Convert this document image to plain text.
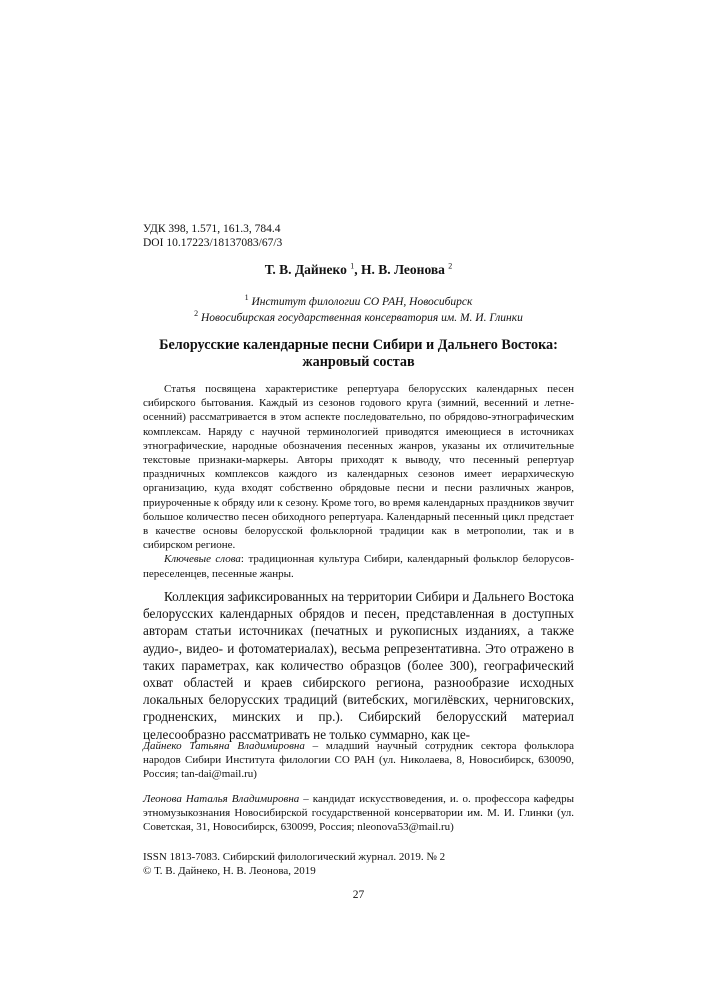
УДК 398, 1.571, 161.3, 784.4
DOI 10.17223/18137083/67/3
Т. В. Дайнеко $^1$, Н. В. Леонова $^2$
$^1$ Институт филологии СО РАН, Новосибирск
$^2$ Новосибирская государственная консерватория им. М. И. Глинки
Белорусские календарные песни Сибири и Дальнего Востока:
жанровый состав

Статья посвящена характеристике репертуара белорусских календарных песен сибирского бытования. Каждый из сезонов годового круга (зимний, весенний и летне-осенний) рассматривается в этом аспекте последовательно, по обрядово-этнографическим комплексам. Наряду с научной терминологией приводятся имеющиеся в источниках этнографические, народные обозначения песенных жанров, указаны их отличительные текстовые признаки-маркеры. Авторы приходят к выводу, что песенный репертуар праздничных комплексов каждого из календарных сезонов имеет иерархическую организацию, куда входят собственно обрядовые песни и песни различных жанров, приуроченные к обряду или к сезону. Кроме того, во время календарных праздников звучит большое количество песен обиходного репертуара. Календарный песенный цикл предстает в качестве основы белорусской фольклорной традиции как в метрополии, так и в сибирском регионе.

Ключевые слова: традиционная культура Сибири, календарный фольклор белорусов-переселенцев, песенные жанры.

Коллекция зафиксированных на территории Сибири и Дальнего Востока белорусских календарных обрядов и песен, представленная в доступных авторам статьи источниках (печатных и рукописных изданиях, а также аудио-, видео- и фотоматериалах), весьма репрезентативна. Это отражено в таких параметрах, как количество образцов (более 300), географический охват областей и краев сибирского региона, разнообразие исходных локальных белорусских традиций (витебских, могилёвских, черниговских, гродненских, минских и пр.). Сибирский белорусский материал целесообразно рассматривать не только суммарно, как це-

Дайнеко Татьяна Владимировна – младший научный сотрудник сектора фольклора народов Сибири Института филологии СО РАН (ул. Николаева, 8, Новосибирск, 630090, Россия; tan-dai@mail.ru)

Леонова Наталья Владимировна – кандидат искусствоведения, и. о. профессора кафедры этномузыкознания Новосибирской государственной консерватории им. М. И. Глинки (ул. Советская, 31, Новосибирск, 630099, Россия; nleonova53@mail.ru)

ISSN 1813-7083. Сибирский филологический журнал. 2019. № 2
© Т. В. Дайнеко, Н. В. Леонова, 2019
27
